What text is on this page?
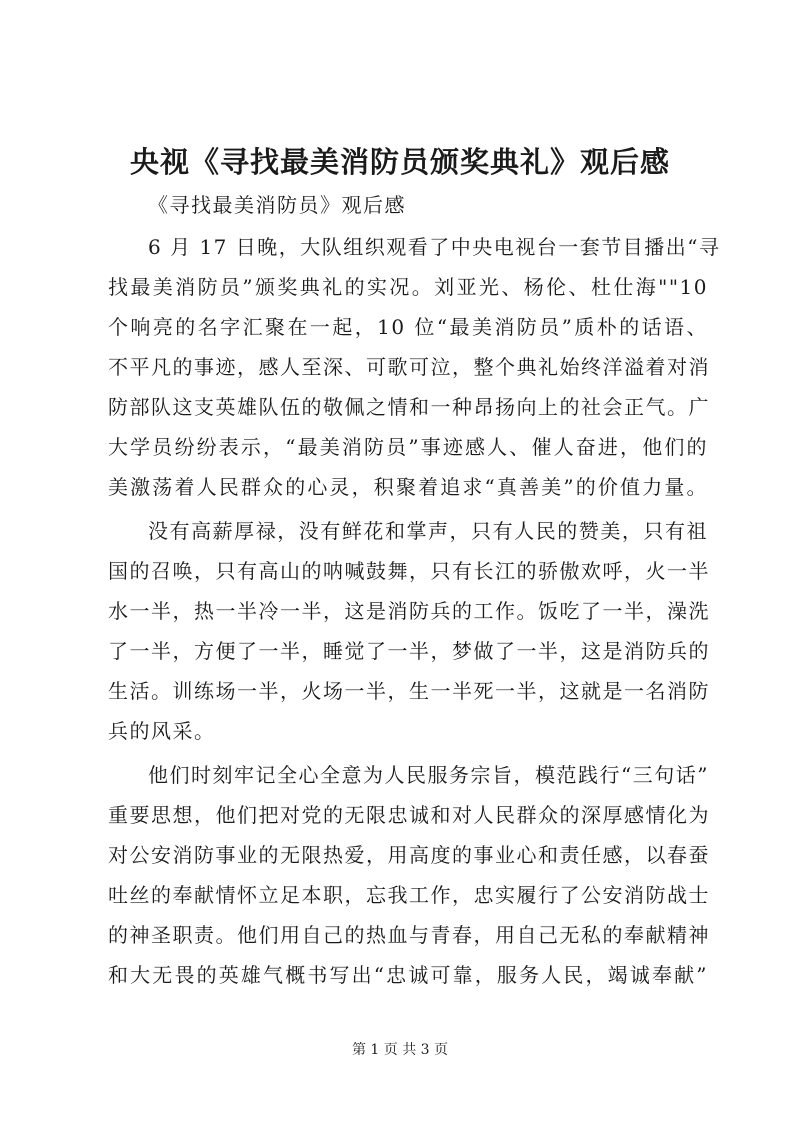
央视《寻找最美消防员颁奖典礼》观后感
《寻找最美消防员》观后感
6 月 17 日晚，大队组织观看了中央电视台一套节目播出“寻
找最美消防员”颁奖典礼的实况。刘亚光、杨伦、杜仕海""10
个响亮的名字汇聚在一起，10 位“最美消防员”质朴的话语、
不平凡的事迹，感人至深、可歌可泣，整个典礼始终洋溢着对消
防部队这支英雄队伍的敬佩之情和一种昂扬向上的社会正气。广
大学员纷纷表示，“最美消防员”事迹感人、催人奋进，他们的
美激荡着人民群众的心灵，积聚着追求“真善美”的价值力量。
没有高薪厚禄，没有鲜花和掌声，只有人民的赞美，只有祖
国的召唤，只有高山的呐喊鼓舞，只有长江的骄傲欢呼，火一半
水一半，热一半冷一半，这是消防兵的工作。饭吃了一半，澡洗
了一半，方便了一半，睡觉了一半，梦做了一半，这是消防兵的
生活。训练场一半，火场一半，生一半死一半，这就是一名消防
兵的风采。
他们时刻牢记全心全意为人民服务宗旨，模范践行“三句话”
重要思想，他们把对党的无限忠诚和对人民群众的深厚感情化为
对公安消防事业的无限热爱，用高度的事业心和责任感，以春蚕
吐丝的奉献情怀立足本职，忘我工作，忠实履行了公安消防战士
的神圣职责。他们用自己的热血与青春，用自己无私的奉献精神
和大无畏的英雄气概书写出“忠诚可靠，服务人民，竭诚奉献”
第 1 页 共 3 页
